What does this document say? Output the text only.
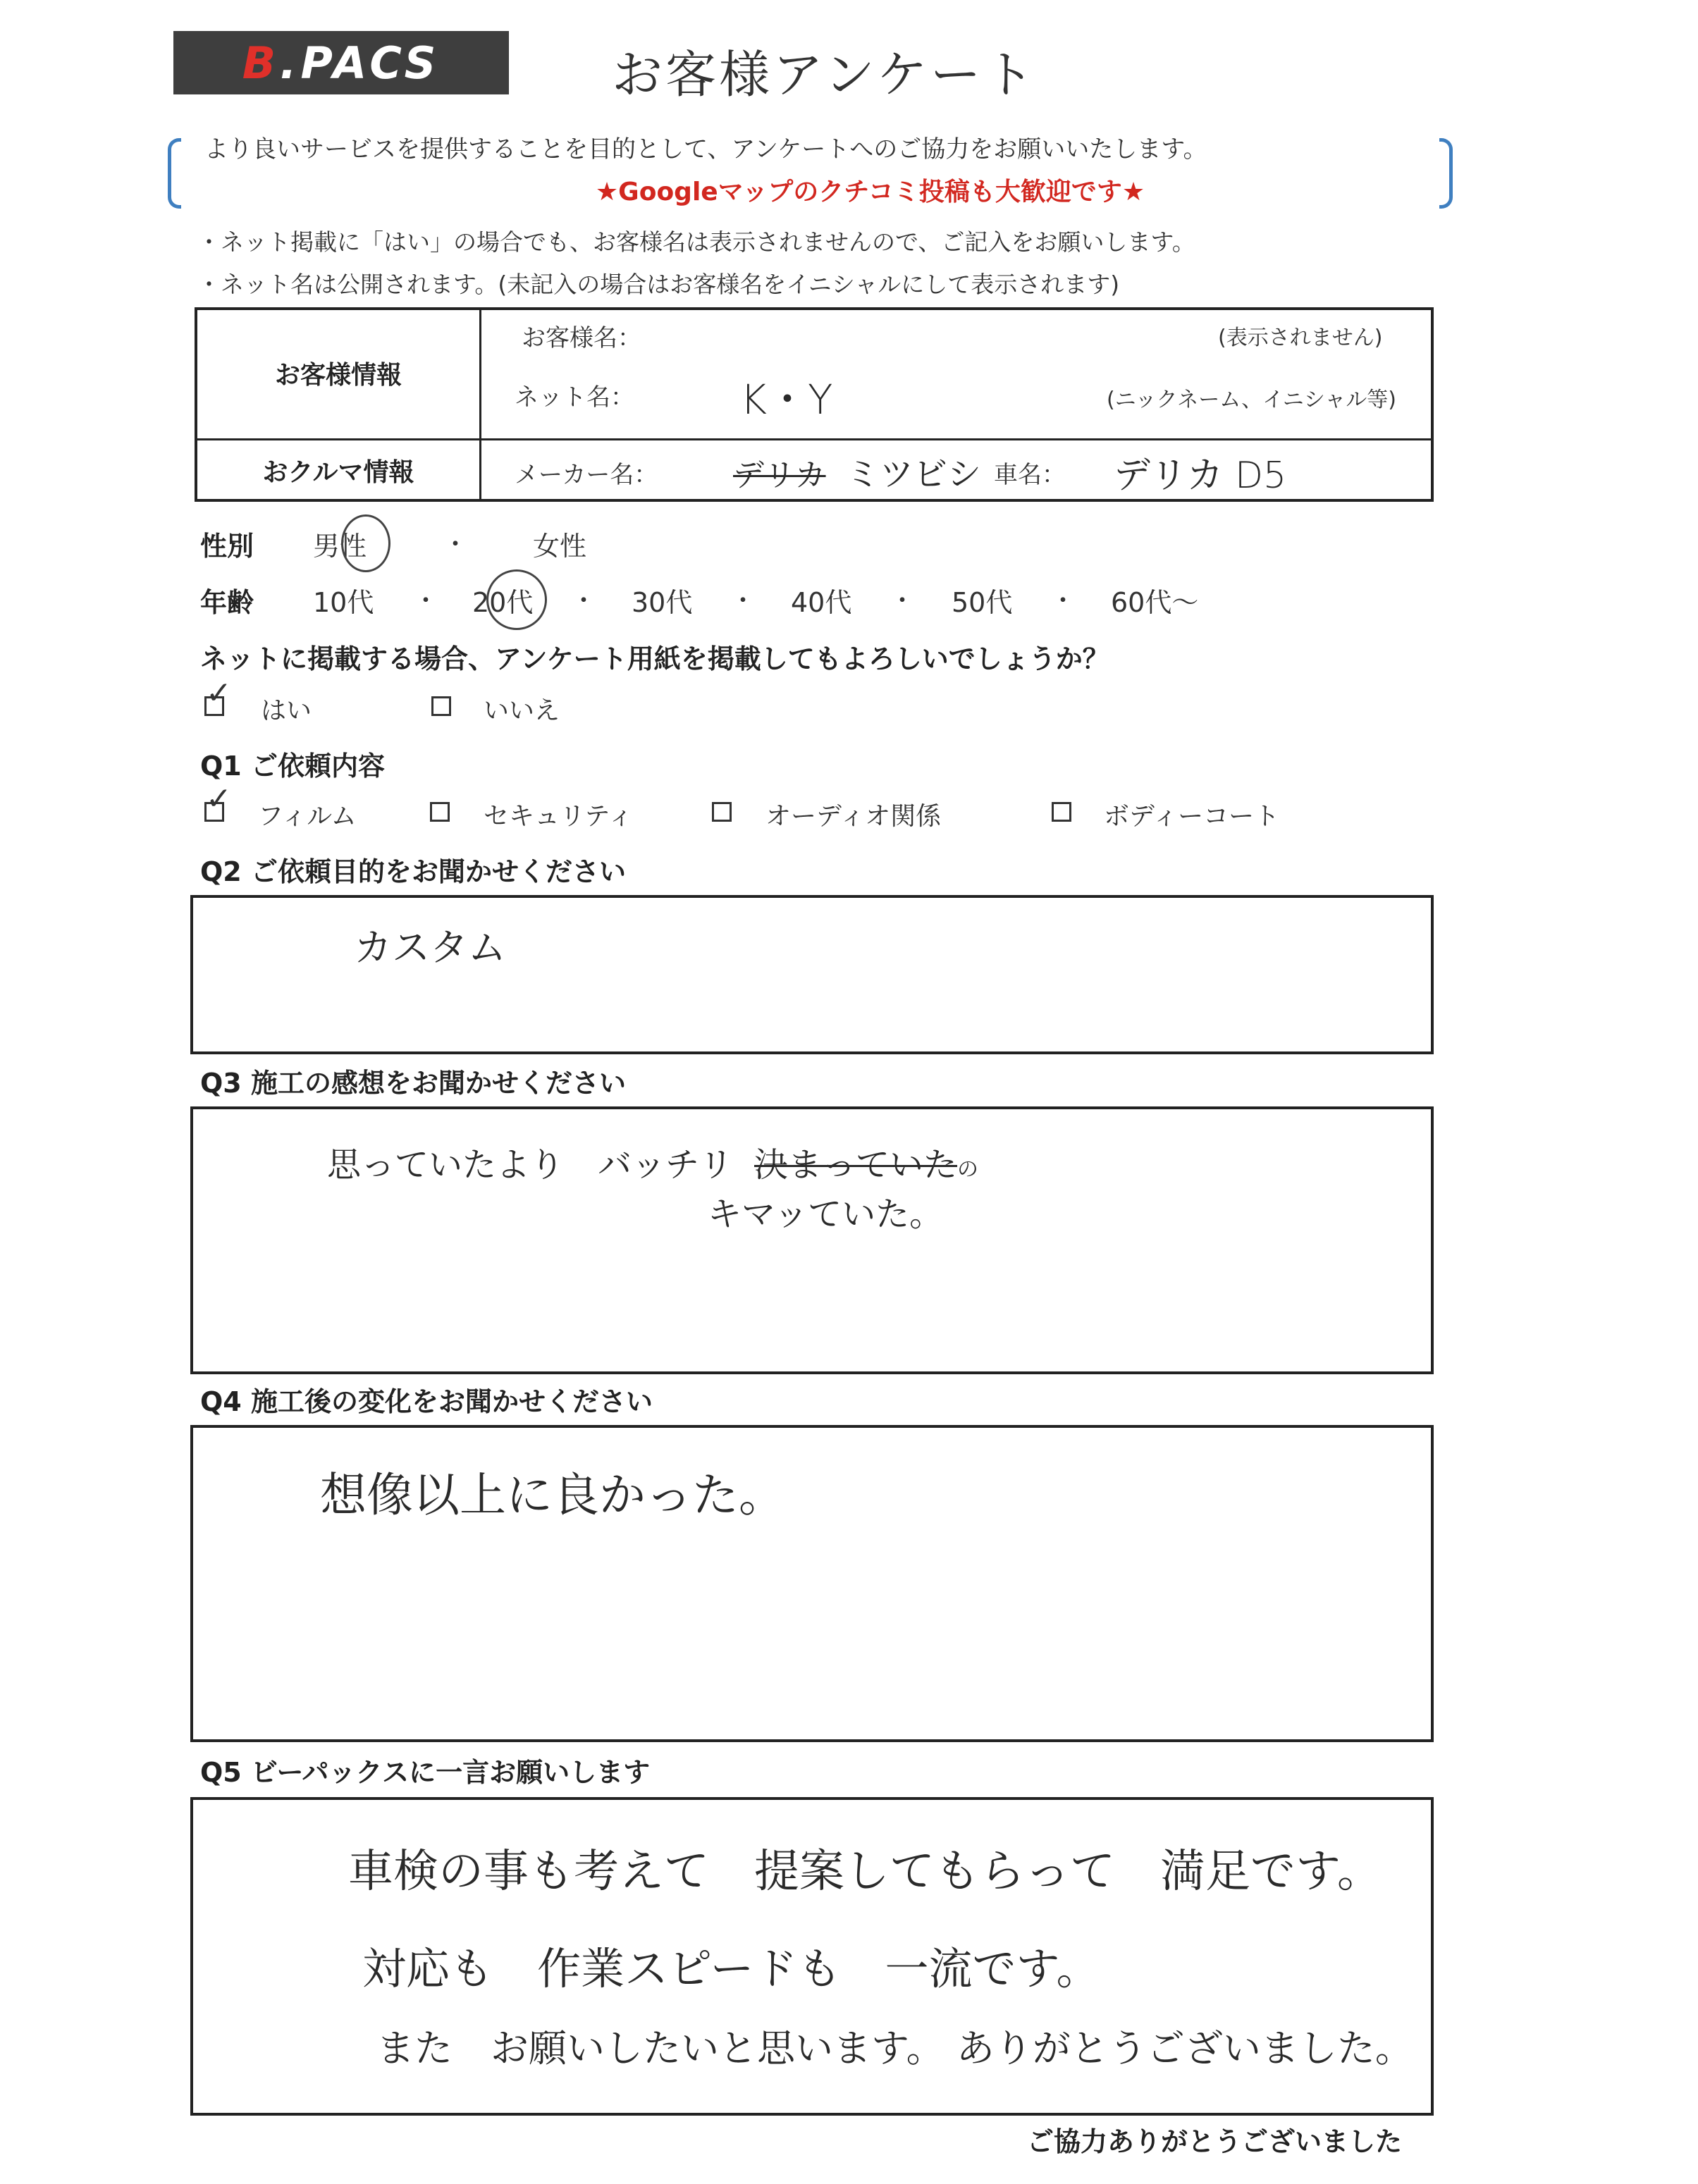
B.PACS	お客様アンケート
より良いサービスを提供することを目的として、アンケートへのご協力をお願いいたします。
★Googleマップのクチコミ投稿も大歓迎です★
・ネット掲載に「はい」の場合でも、お客様名は表示されませんので、ご記入をお願いします。
・ネット名は公開されます。(未記入の場合はお客様名をイニシャルにして表示されます)
お客様情報
おクルマ情報
お客様名：	(表示されません)
ネット名：	K・Y	(ニックネーム、イニシャル等)
メーカー名： デリカ ミツビシ 車名： デリカ D5
性別 男性	・ 女性
年齢 10代 ・ 20代 ・ 30代 ・ 40代 ・ 50代 ・ 60代〜
ネットに掲載する場合、アンケート用紙を掲載してもよろしいでしょうか？
✓ はい	いいえ
Q1 ご依頼内容
✓ フィルム	セキュリティ	オーディオ関係	ボディーコート
Q2 ご依頼目的をお聞かせください
カスタム
Q3 施工の感想をお聞かせください
思っていたより　バッチリ 決まっていたの
キマッていた。
Q4 施工後の変化をお聞かせください
想像以上に良かった。
Q5 ビーパックスに一言お願いします
車検の事も考えて　提案してもらって　満足です。
対応も　作業スピードも　一流です。
また　お願いしたいと思います。 ありがとうございました。
ご協力ありがとうございました
